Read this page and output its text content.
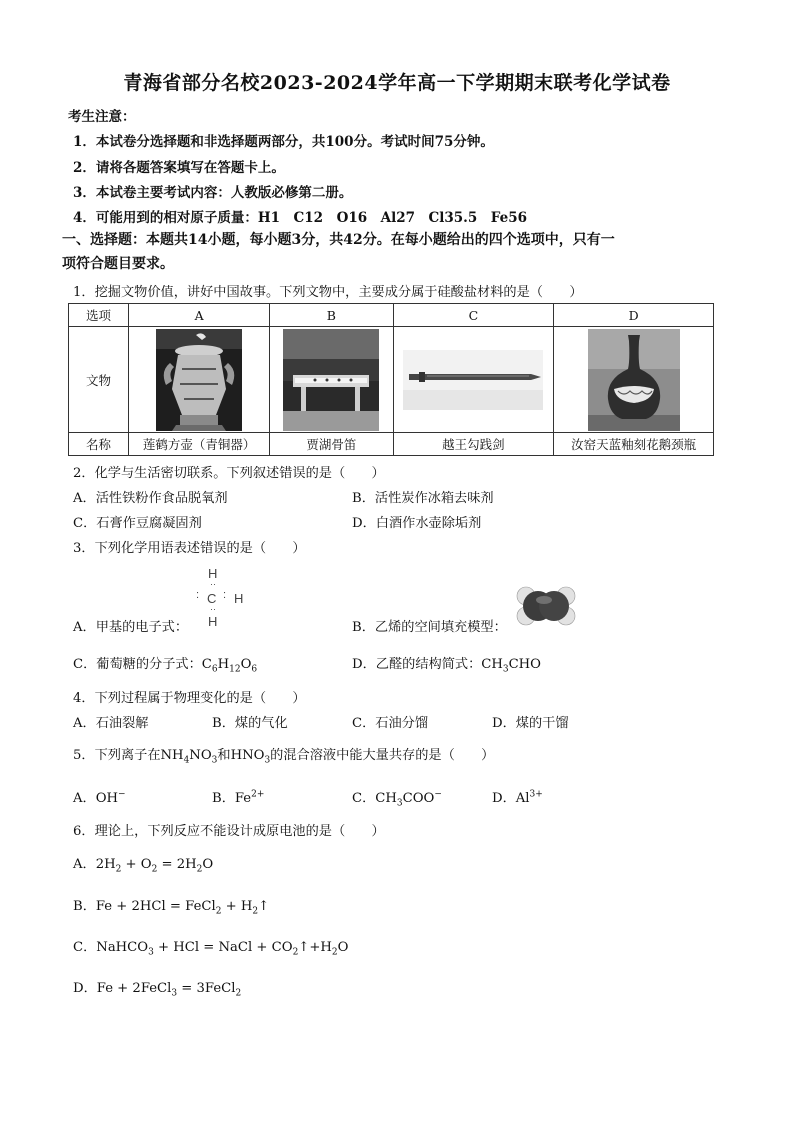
青海省部分名校2023-2024学年高一下学期期末联考化学试卷
考生注意：
1．本试卷分选择题和非选择题两部分，共100分。考试时间75分钟。
2．请将各题答案填写在答题卡上。
3．本试卷主要考试内容：人教版必修第二册。
4．可能用到的相对原子质量：H1　C12　O16　Al27　Cl35.5　Fe56
一、选择题：本题共14小题，每小题3分，共42分。在每小题给出的四个选项中，只有一
项符合题目要求。
1．挖掘文物价值，讲好中国故事。下列文物中，主要成分属于硅酸盐材料的是（　　）
选项	A	B	C	D
文物	

名称	莲鹤方壶（青铜器）	贾湖骨笛	越王勾践剑	汝窑天蓝釉刻花鹅颈瓶
2．化学与生活密切联系。下列叙述错误的是（　　）
A．活性铁粉作食品脱氧剂	B．活性炭作冰箱去味剂
C．石膏作豆腐凝固剂	D．白酒作水壶除垢剂
3．下列化学用语表述错误的是（　　）
H
··
: C : H
··
H
A．甲基的电子式：	B．乙烯的空间填充模型：
C．葡萄糖的分子式：$C_6H_{12}O_6$	D．乙醛的结构简式：$CH_3CHO$
4．下列过程属于物理变化的是（　　）
A．石油裂解	B．煤的气化	C．石油分馏	D．煤的干馏
5．下列离子在$NH_4NO_3$和$HNO_3$的混合溶液中能大量共存的是（　　）
A．OH−	B．$Fe^{2+}$	C．$CH_3COO^-$	D．$Al^{3+}$
6．理论上，下列反应不能设计成原电池的是（　　）
A．$2H_2 + O_2 = 2H_2O$
B．Fe + 2HCl = FeCl$_2$ + $H_2↑$
C．NaHCO$_3$ + HCl = NaCl + $CO_2↑+H_2O$
D．Fe + 2FeCl$_3$ = 3FeCl$_2$
